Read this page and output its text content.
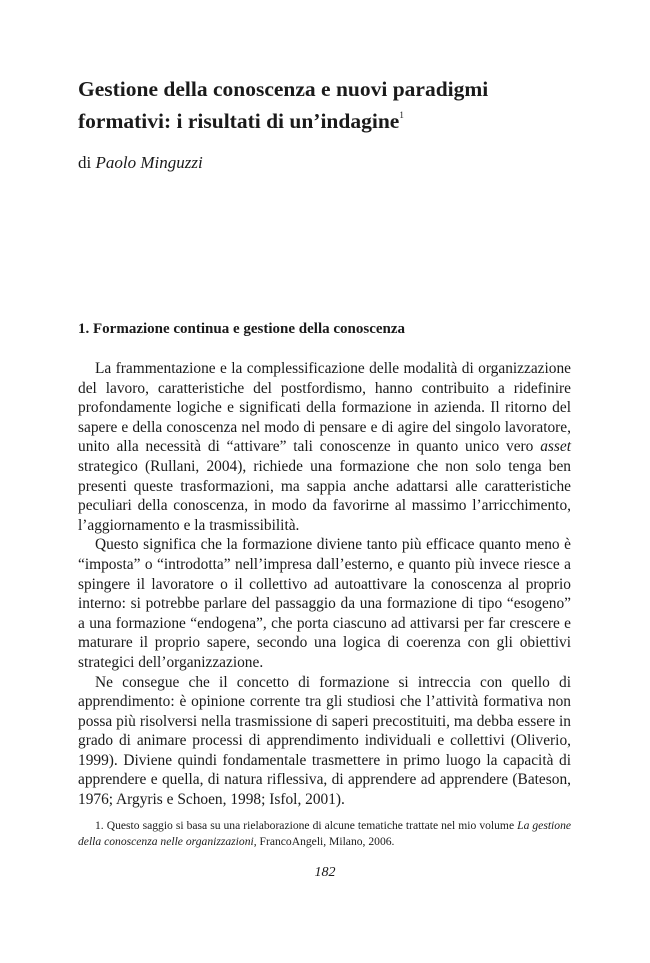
Gestione della conoscenza e nuovi paradigmi formativi: i risultati di un’indagine$^1$

di Paolo Minguzzi

1. Formazione continua e gestione della conoscenza

La frammentazione e la complessificazione delle modalità di organizzazione del lavoro, caratteristiche del postfordismo, hanno contribuito a ridefinire profondamente logiche e significati della formazione in azienda. Il ritorno del sapere e della conoscenza nel modo di pensare e di agire del singolo lavoratore, unito alla necessità di “attivare” tali conoscenze in quanto unico vero asset strategico (Rullani, 2004), richiede una formazione che non solo tenga ben presenti queste trasformazioni, ma sappia anche adattarsi alle caratteristiche peculiari della conoscenza, in modo da favorirne al massimo l’arricchimento, l’aggiornamento e la trasmissibilità.

Questo significa che la formazione diviene tanto più efficace quanto meno è “imposta” o “introdotta” nell’impresa dall’esterno, e quanto più invece riesce a spingere il lavoratore o il collettivo ad autoattivare la conoscenza al proprio interno: si potrebbe parlare del passaggio da una formazione di tipo “esogeno” a una formazione “endogena”, che porta ciascuno ad attivarsi per far crescere e maturare il proprio sapere, secondo una logica di coerenza con gli obiettivi strategici dell’organizzazione.

Ne consegue che il concetto di formazione si intreccia con quello di apprendimento: è opinione corrente tra gli studiosi che l’attività formativa non possa più risolversi nella trasmissione di saperi precostituiti, ma debba essere in grado di animare processi di apprendimento individuali e collettivi (Oliverio, 1999). Diviene quindi fondamentale trasmettere in primo luogo la capacità di apprendere e quella, di natura riflessiva, di apprendere ad apprendere (Bateson, 1976; Argyris e Schoen, 1998; Isfol, 2001).

1. Questo saggio si basa su una rielaborazione di alcune tematiche trattate nel mio volume La gestione della conoscenza nelle organizzazioni, FrancoAngeli, Milano, 2006.

182
